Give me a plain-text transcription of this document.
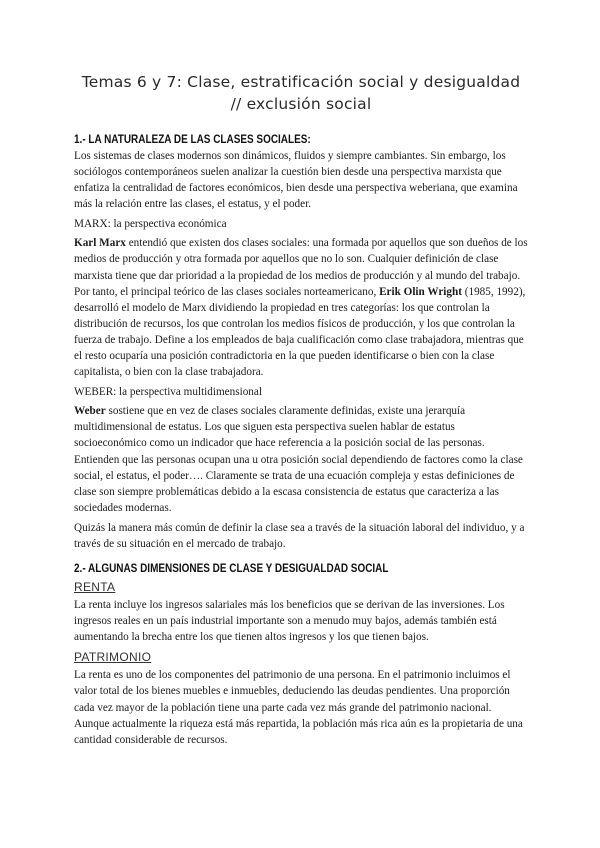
Temas 6 y 7: Clase, estratificación social y desigualdad // exclusión social
1.- LA NATURALEZA DE LAS CLASES SOCIALES:

Los sistemas de clases modernos son dinámicos, fluidos y siempre cambiantes. Sin embargo, los sociólogos contemporáneos suelen analizar la cuestión bien desde una perspectiva marxista que enfatiza la centralidad de factores económicos, bien desde una perspectiva weberiana, que examina más la relación entre las clases, el estatus, y el poder.

MARX: la perspectiva económica

Karl Marx entendió que existen dos clases sociales: una formada por aquellos que son dueños de los medios de producción y otra formada por aquellos que no lo son. Cualquier definición de clase marxista tiene que dar prioridad a la propiedad de los medios de producción y al mundo del trabajo. Por tanto, el principal teórico de las clases sociales norteamericano, Erik Olin Wright (1985, 1992), desarrolló el modelo de Marx dividiendo la propiedad en tres categorías: los que controlan la distribución de recursos, los que controlan los medios físicos de producción, y los que controlan la fuerza de trabajo. Define a los empleados de baja cualificación como clase trabajadora, mientras que el resto ocuparía una posición contradictoria en la que pueden identificarse o bien con la clase capitalista, o bien con la clase trabajadora.

WEBER: la perspectiva multidimensional

Weber sostiene que en vez de clases sociales claramente definidas, existe una jerarquía multidimensional de estatus. Los que siguen esta perspectiva suelen hablar de estatus socioeconómico como un indicador que hace referencia a la posición social de las personas. Entienden que las personas ocupan una u otra posición social dependiendo de factores como la clase social, el estatus, el poder…. Claramente se trata de una ecuación compleja y estas definiciones de clase son siempre problemáticas debido a la escasa consistencia de estatus que caracteriza a las sociedades modernas.

Quizás la manera más común de definir la clase sea a través de la situación laboral del individuo, y a través de su situación en el mercado de trabajo.

2.- ALGUNAS DIMENSIONES DE CLASE Y DESIGUALDAD SOCIAL
RENTA

La renta incluye los ingresos salariales más los beneficios que se derivan de las inversiones. Los ingresos reales en un país industrial importante son a menudo muy bajos, además también está aumentando la brecha entre los que tienen altos ingresos y los que tienen bajos.

PATRIMONIO

La renta es uno de los componentes del patrimonio de una persona. En el patrimonio incluimos el valor total de los bienes muebles e inmuebles, deduciendo las deudas pendientes. Una proporción cada vez mayor de la población tiene una parte cada vez más grande del patrimonio nacional. Aunque actualmente la riqueza está más repartida, la población más rica aún es la propietaria de una cantidad considerable de recursos.
